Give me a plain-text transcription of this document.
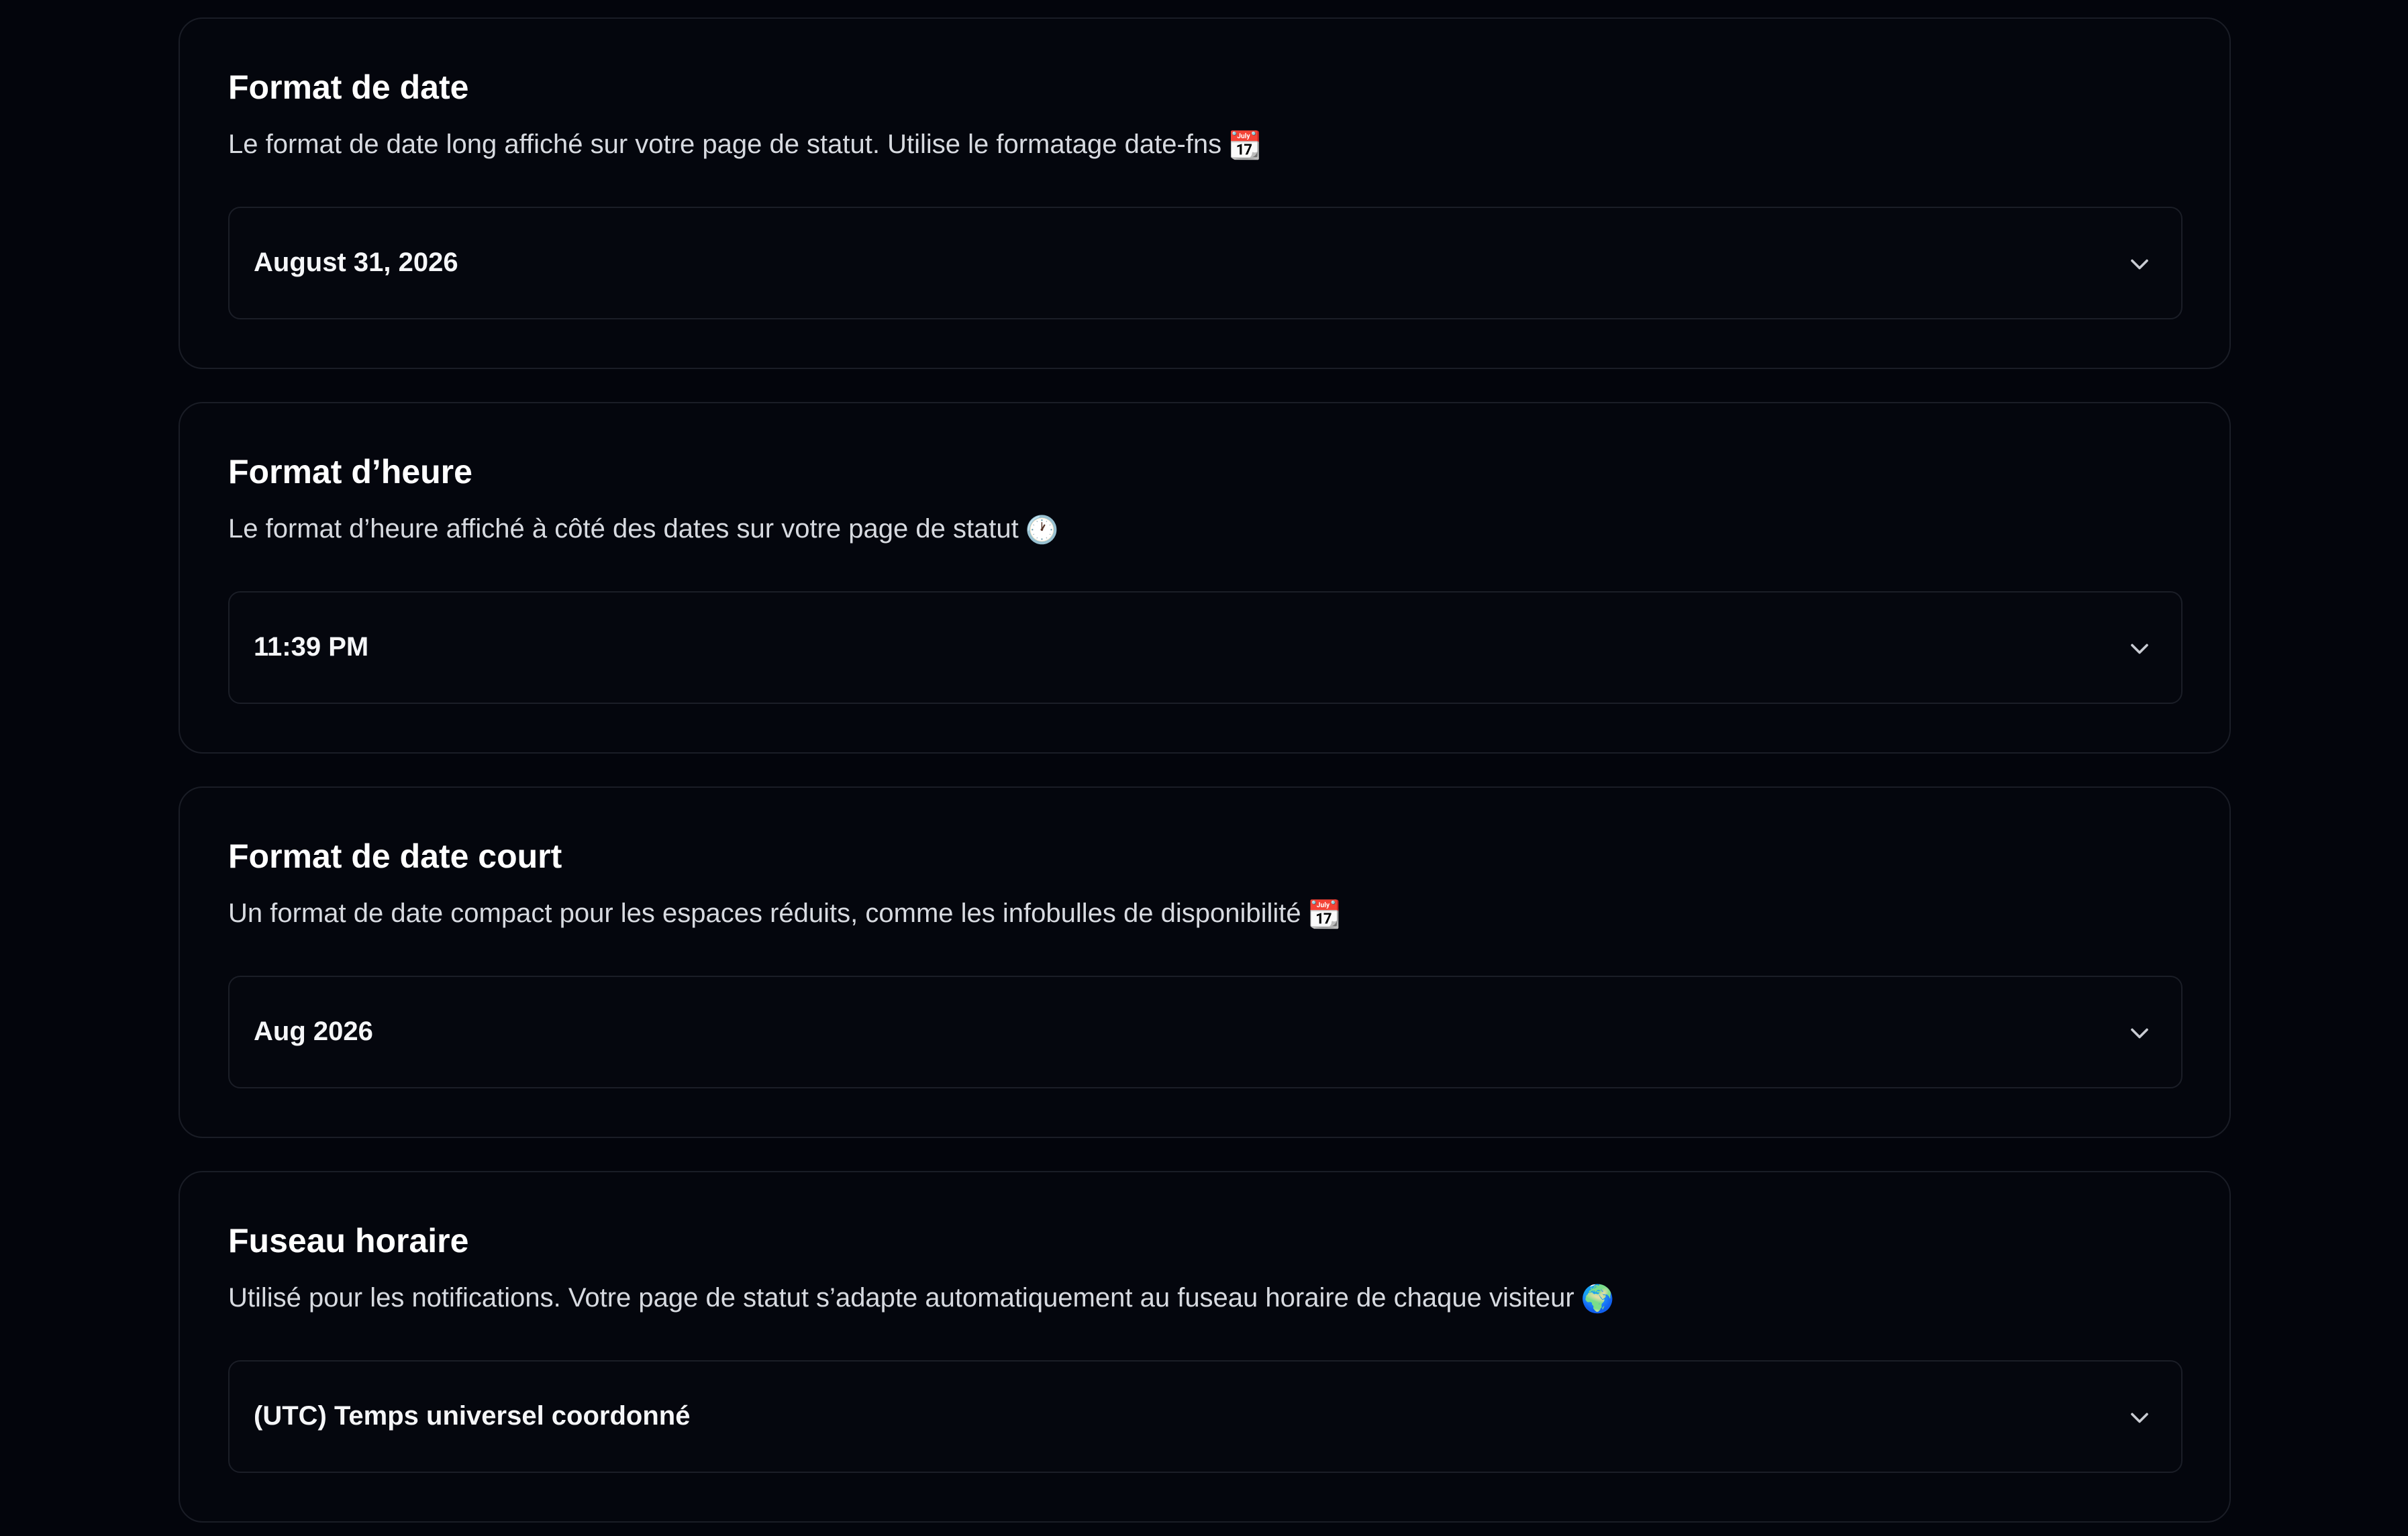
Format de date

Le format de date long affiché sur votre page de statut. Utilise le formatage date-fns 📆

August 31, 2026
Format d’heure

Le format d’heure affiché à côté des dates sur votre page de statut 🕐

11:39 PM
Format de date court

Un format de date compact pour les espaces réduits, comme les infobulles de disponibilité 📆

Aug 2026
Fuseau horaire

Utilisé pour les notifications. Votre page de statut s’adapte automatiquement au fuseau horaire de chaque visiteur 🌍

(UTC) Temps universel coordonné
